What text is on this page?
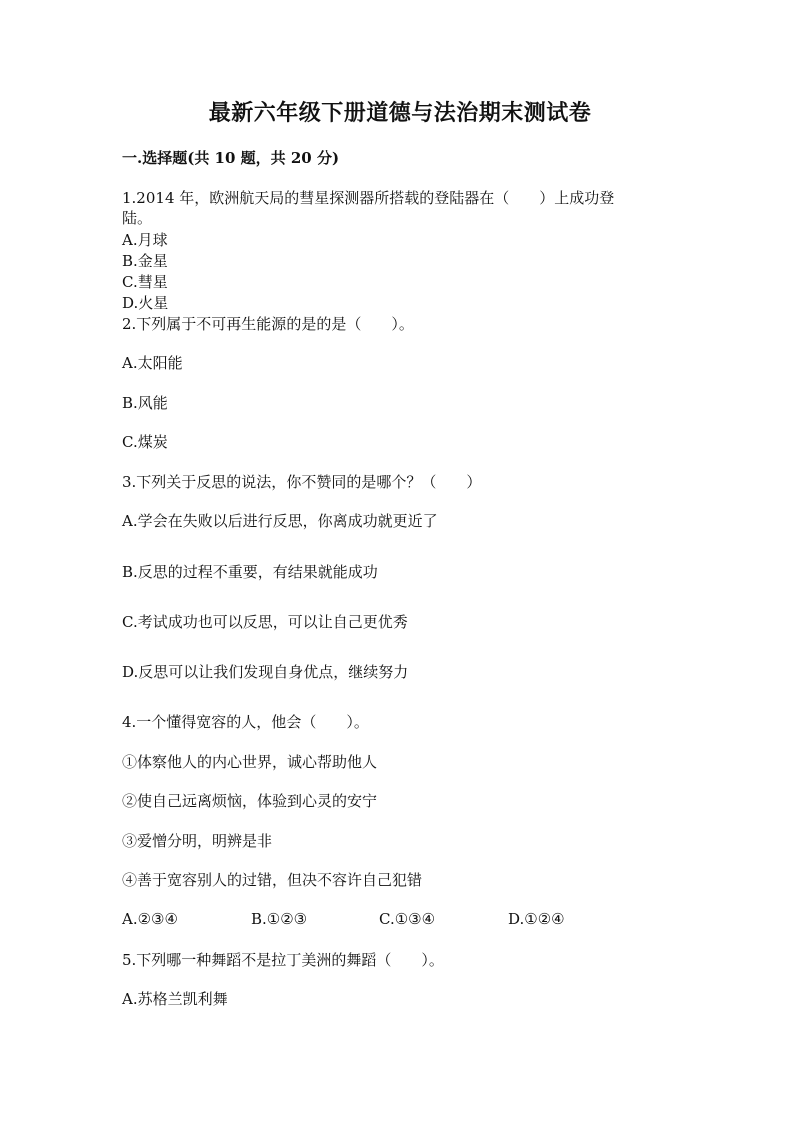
最新六年级下册道德与法治期末测试卷
一.选择题(共 10 题，共 20 分)
1.2014 年，欧洲航天局的彗星探测器所搭载的登陆器在（　　）上成功登
陆。
A.月球
B.金星
C.彗星
D.火星
2.下列属于不可再生能源的是的是（　　）。
A.太阳能
B.风能
C.煤炭
3.下列关于反思的说法，你不赞同的是哪个？（　　）
A.学会在失败以后进行反思，你离成功就更近了
B.反思的过程不重要，有结果就能成功
C.考试成功也可以反思，可以让自己更优秀
D.反思可以让我们发现自身优点，继续努力
4.一个懂得宽容的人，他会（　　）。
①体察他人的内心世界，诚心帮助他人
②使自己远离烦恼，体验到心灵的安宁
③爱憎分明，明辨是非
④善于宽容别人的过错，但决不容许自己犯错
A.②③④	B.①②③	C.①③④	D.①②④
5.下列哪一种舞蹈不是拉丁美洲的舞蹈（　　）。
A.苏格兰凯利舞
